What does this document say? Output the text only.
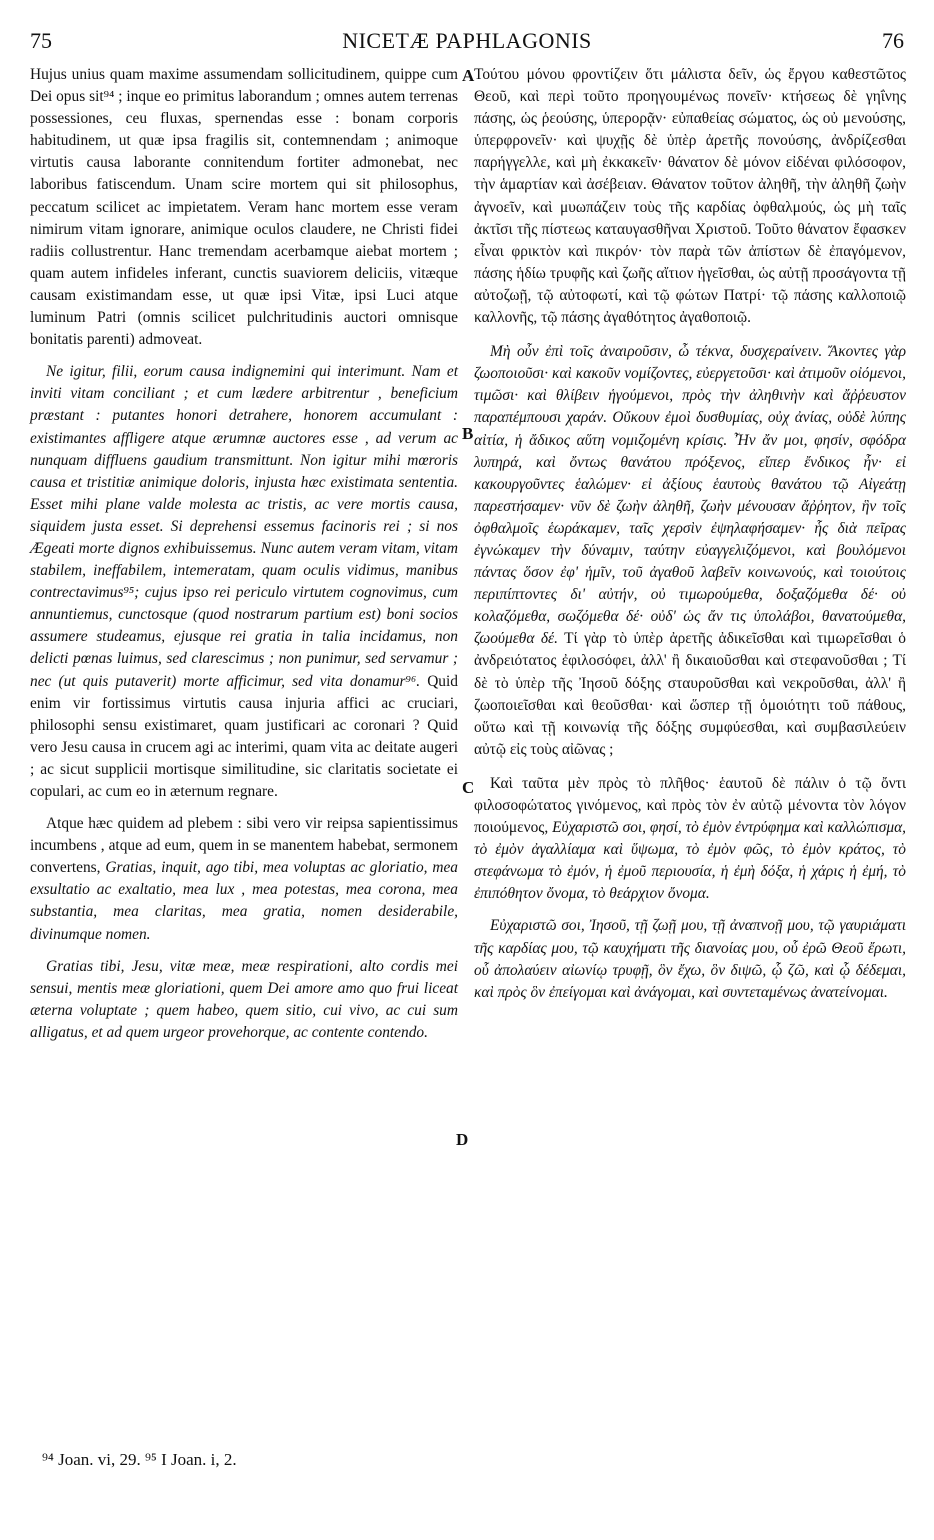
75	NICETÆ PAPHLAGONIS	76

Hujus unius quam maxime assumendam sollicitudinem, quippe cum Dei opus sit⁹⁴ ; inque eo primitus laborandum ; omnes autem terrenas possessiones, ceu fluxas, spernendas esse : bonam corporis habitudinem, ut quæ ipsa fragilis sit, contemnendam ; animoque virtutis causa laborante connitendum fortiter admonebat, nec laboribus fatiscendum. Unam scire mortem qui sit philosophus, peccatum scilicet ac impietatem. Veram hanc mortem esse veram nimirum vitam ignorare, animique oculos claudere, ne Christi fidei radiis collustrentur. Hanc tremendam acerbamque aiebat mortem ; quam autem infideles inferant, cunctis suaviorem deliciis, vitæque causam existimandam esse, ut quæ ipsi Vitæ, ipsi Luci atque luminum Patri (omnis scilicet pulchritudinis auctori omnisque bonitatis parenti) admoveat.

Ne igitur, filii, eorum causa indignemini qui interimunt. Nam et inviti vitam conciliant ; et cum lædere arbitrentur , beneficium præstant : putantes honori detrahere, honorem accumulant : existimantes affligere atque ærumnæ auctores esse , ad verum ac nunquam diffluens gaudium transmittunt. Non igitur mihi mœroris causa et tristitiæ animique doloris, injusta hæc existimata sententia. Esset mihi plane valde molesta ac tristis, ac vere mortis causa, siquidem justa esset. Si deprehensi essemus facinoris rei ; si nos Ægeati morte dignos exhibuissemus. Nunc autem veram vitam, vitam stabilem, ineffabilem, intemeratam, quam oculis vidimus, manibus contrectavimus⁹⁵; cujus ipso rei periculo virtutem cognovimus, cum annuntiemus, cunctosque (quod nostrarum partium est) boni socios assumere studeamus, ejusque rei gratia in talia incidamus, non delicti pœnas luimus, sed clarescimus ; non punimur, sed servamur ; nec (ut quis putaverit) morte afficimur, sed vita donamur⁹⁶. Quid enim vir fortissimus virtutis causa injuria affici ac cruciari, philosophi sensu existimaret, quam justificari ac coronari ? Quid vero Jesu causa in crucem agi ac interimi, quam vita ac deitate augeri ; ac sicut supplicii mortisque similitudine, sic claritatis societate ei copulari, ac cum eo in æternum regnare.

Atque hæc quidem ad plebem : sibi vero vir reipsa sapientissimus incumbens , atque ad eum, quem in se manentem habebat, sermonem convertens, Gratias, inquit, ago tibi, mea voluptas ac gloriatio, mea exsultatio ac exaltatio, mea lux , mea potestas, mea corona, mea substantia, mea claritas, mea gratia, nomen desiderabile, divinumque nomen.

Gratias tibi, Jesu, vitæ meæ, meæ respirationi, alto cordis mei sensui, mentis meæ gloriationi, quem Dei amore amo quo frui liceat æterna voluptate ; quem habeo, quem sitio, cui vivo, ac cui sum alligatus, et ad quem urgeor provehorque, ac contente contendo.

A
B
C
D

Τούτου μόνου φροντίζειν ὅτι μάλιστα δεῖν, ὡς ἔργου καθεστῶτος Θεοῦ, καὶ περὶ τοῦτο προηγουμένως πονεῖν· κτήσεως δὲ γηΐνης πάσης, ὡς ῥεούσης, ὑπερορᾷν· εὐπαθείας σώματος, ὡς οὐ μενούσης, ὑπερφρονεῖν· καὶ ψυχῇς δὲ ὑπὲρ ἀρετῆς πονούσης, ἀνδρίζεσθαι παρήγγελλε, καὶ μὴ ἐκκακεῖν· θάνατον δὲ μόνον εἰδέναι φιλόσοφον, τὴν ἁμαρτίαν καὶ ἀσέβειαν. Θάνατον τοῦτον ἀληθῆ, τὴν ἀληθῆ ζωὴν ἀγνοεῖν, καὶ μυωπάζειν τοὺς τῆς καρδίας ὀφθαλμούς, ὡς μὴ ταῖς ἀκτῖσι τῆς πίστεως καταυγασθῆναι Χριστοῦ. Τοῦτο θάνατον ἔφασκεν εἶναι φρικτὸν καὶ πικρόν· τὸν παρὰ τῶν ἀπίστων δὲ ἐπαγόμενον, πάσης ἡδίω τρυφῆς καὶ ζωῆς αἴτιον ἡγεῖσθαι, ὡς αὐτῇ προσάγοντα τῇ αὐτοζωῇ, τῷ αὐτοφωτί, καὶ τῷ φώτων Πατρί· τῷ πάσης καλλοποιῷ καλλονῆς, τῷ πάσης ἀγαθότητος ἀγαθοποιῷ.

Μὴ οὖν ἐπὶ τοῖς ἀναιροῦσιν, ὦ τέκνα, δυσχεραίνειν. Ἄκοντες γὰρ ζωοποιοῦσι· καὶ κακοῦν νομίζοντες, εὐεργετοῦσι· καὶ ἀτιμοῦν οἰόμενοι, τιμῶσι· καὶ θλίβειν ἡγούμενοι, πρὸς τὴν ἀληθινὴν καὶ ἄῤῥευστον παραπέμπουσι χαράν. Οὔκουν ἐμοὶ δυσθυμίας, οὐχ ἀνίας, οὐδὲ λύπης αἰτία, ἡ ἄδικος αὕτη νομιζομένη κρίσις. Ἦν ἄν μοι, φησίν, σφόδρα λυπηρά, καὶ ὄντως θανάτου πρόξενος, εἴπερ ἔνδικος ἦν· εἰ κακουργοῦντες ἑαλώμεν· εἰ ἀξίους ἑαυτοὺς θανάτου τῷ Αἰγεάτῃ παρεστήσαμεν· νῦν δὲ ζωὴν ἀληθῆ, ζωὴν μένουσαν ἄῤῥητον, ἣν τοῖς ὀφθαλμοῖς ἑωράκαμεν, ταῖς χερσὶν ἐψηλαφήσαμεν· ἧς διὰ πεῖρας ἐγνώκαμεν τὴν δύναμιν, ταύτην εὐαγγελιζόμενοι, καὶ βουλόμενοι πάντας ὅσον ἐφ' ἡμῖν, τοῦ ἀγαθοῦ λαβεῖν κοινωνούς, καὶ τοιούτοις περιπίπτοντες δι' αὐτήν, οὐ τιμωρούμεθα, δοξαζόμεθα δέ· οὐ κολαζόμεθα, σωζόμεθα δέ· οὐδ' ὡς ἄν τις ὑπολάβοι, θανατούμεθα, ζωούμεθα δέ. Τί γὰρ τὸ ὑπὲρ ἀρετῆς ἀδικεῖσθαι καὶ τιμωρεῖσθαι ὁ ἀνδρειότατος ἐφιλοσόφει, ἀλλ' ἢ δικαιοῦσθαι καὶ στεφανοῦσθαι ; Τί δὲ τὸ ὑπὲρ τῆς Ἰησοῦ δόξης σταυροῦσθαι καὶ νεκροῦσθαι, ἀλλ' ἢ ζωοποιεῖσθαι καὶ θεοῦσθαι· καὶ ὥσπερ τῇ ὁμοιότητι τοῦ πάθους, οὕτω καὶ τῇ κοινωνίᾳ τῆς δόξης συμφύεσθαι, καὶ συμβασιλεύειν αὐτῷ εἰς τοὺς αἰῶνας ;

Καὶ ταῦτα μὲν πρὸς τὸ πλῆθος· ἑαυτοῦ δὲ πάλιν ὁ τῷ ὄντι φιλοσοφώτατος γινόμενος, καὶ πρὸς τὸν ἐν αὐτῷ μένοντα τὸν λόγον ποιούμενος, Εὐχαριστῶ σοι, φησί, τὸ ἐμὸν ἐντρύφημα καὶ καλλώπισμα, τὸ ἐμὸν ἀγαλλίαμα καὶ ὕψωμα, τὸ ἐμὸν φῶς, τὸ ἐμὸν κράτος, τὸ στεφάνωμα τὸ ἐμόν, ἡ ἐμοῦ περιουσία, ἡ ἐμὴ δόξα, ἡ χάρις ἡ ἐμή, τὸ ἐπιπόθητον ὄνομα, τὸ θεάρχιον ὄνομα.

Εὐχαριστῶ σοι, Ἰησοῦ, τῇ ζωῇ μου, τῇ ἀναπνοῇ μου, τῷ γαυριάματι τῆς καρδίας μου, τῷ καυχήματι τῆς διανοίας μου, οὗ ἐρῶ Θεοῦ ἔρωτι, οὗ ἀπολαύειν αἰωνίῳ τρυφῇ, ὃν ἔχω, ὃν διψῶ, ᾧ ζῶ, καὶ ᾧ δέδεμαι, καὶ πρὸς ὃν ἐπείγομαι καὶ ἀνάγομαι, καὶ συντεταμένως ἀνατείνομαι.

⁹⁴ Joan. vi, 29. ⁹⁵ I Joan. i, 2.
